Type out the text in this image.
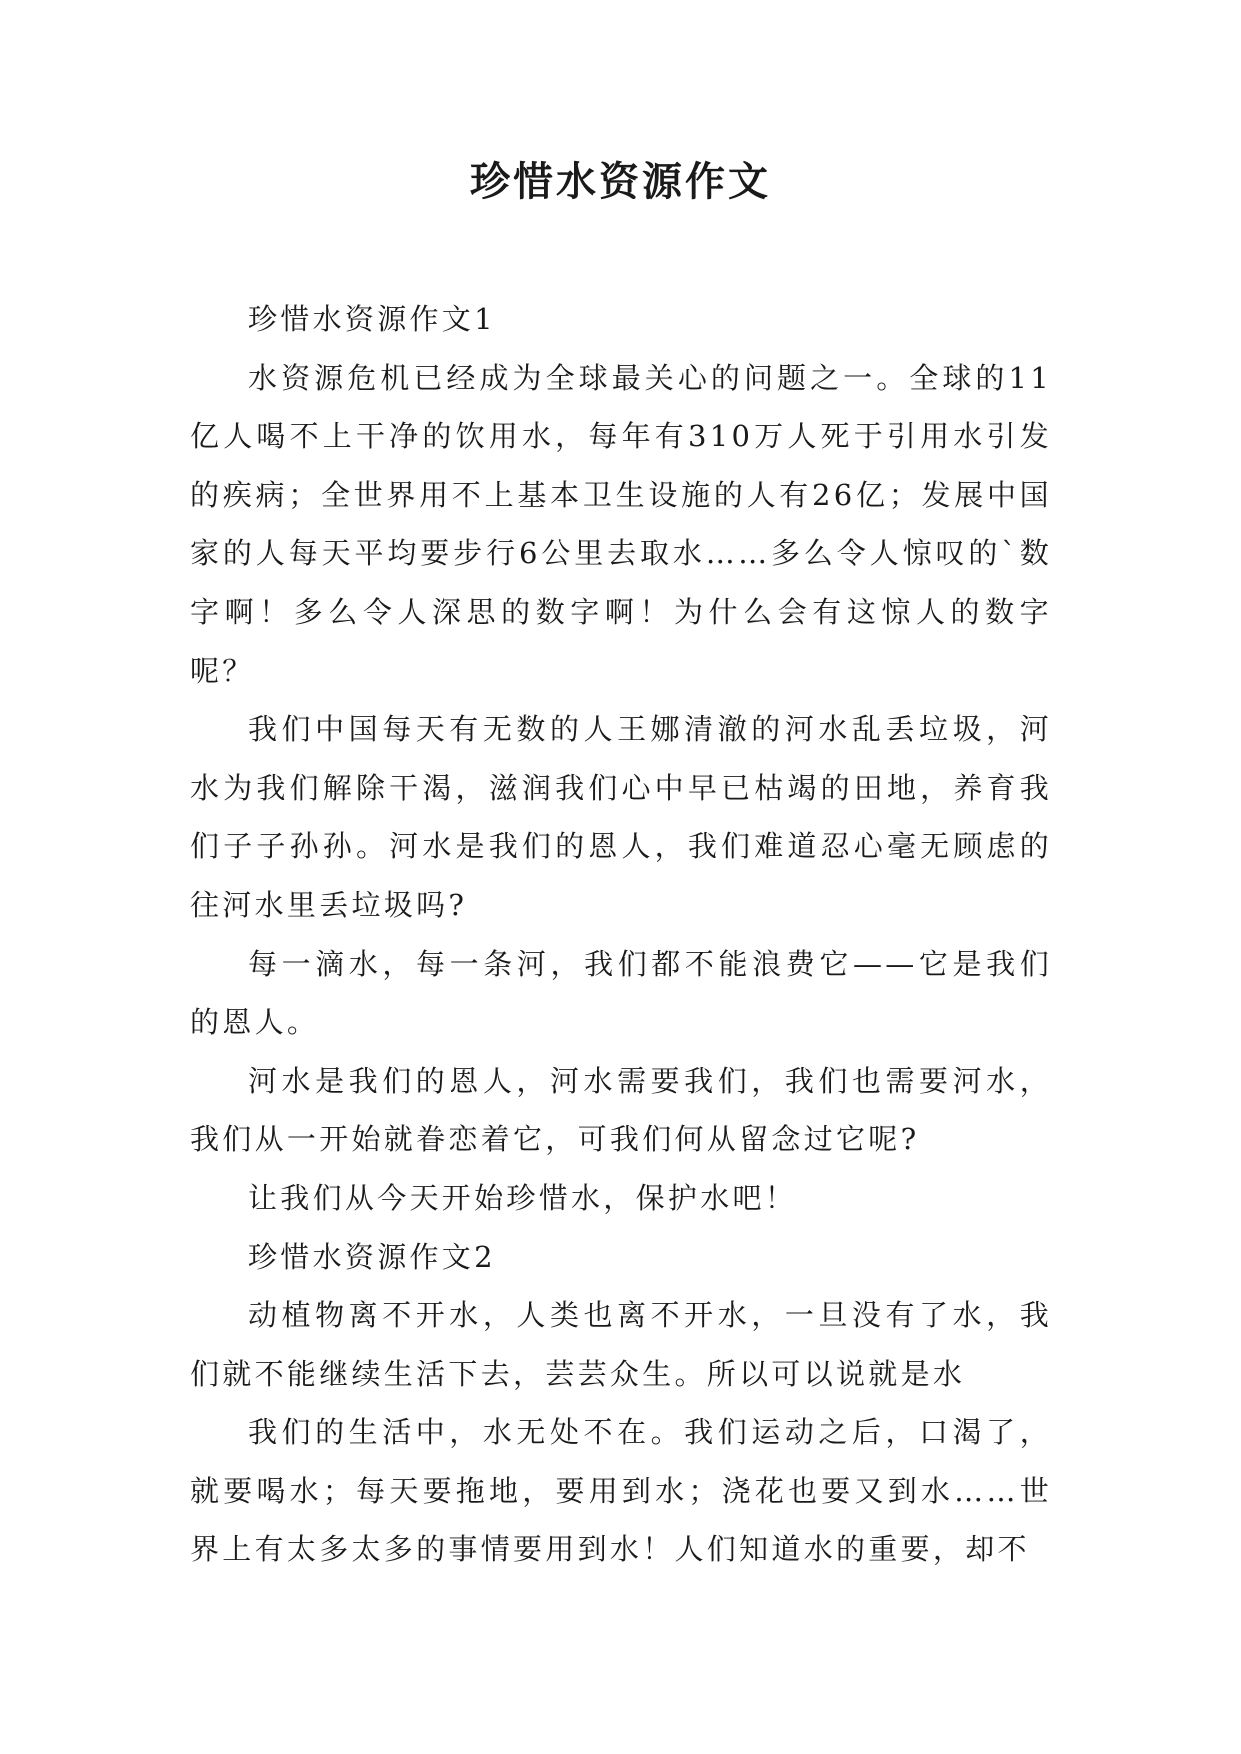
珍惜水资源作文

珍惜水资源作文1

水资源危机已经成为全球最关心的问题之一。全球的11亿人喝不上干净的饮用水，每年有310万人死于引用水引发的疾病；全世界用不上基本卫生设施的人有26亿；发展中国家的人每天平均要步行6公里去取水……多么令人惊叹的`数字啊！多么令人深思的数字啊！为什么会有这惊人的数字呢？

我们中国每天有无数的人王娜清澈的河水乱丢垃圾，河水为我们解除干渴，滋润我们心中早已枯竭的田地，养育我们子子孙孙。河水是我们的恩人，我们难道忍心毫无顾虑的往河水里丢垃圾吗?

每一滴水，每一条河，我们都不能浪费它——它是我们的恩人。

河水是我们的恩人，河水需要我们，我们也需要河水，我们从一开始就眷恋着它，可我们何从留念过它呢?

让我们从今天开始珍惜水，保护水吧！

珍惜水资源作文2

动植物离不开水，人类也离不开水，一旦没有了水，我们就不能继续生活下去，芸芸众生。所以可以说就是水

我们的生活中，水无处不在。我们运动之后，口渴了，就要喝水；每天要拖地，要用到水；浇花也要又到水……世界上有太多太多的事情要用到水！人们知道水的重要，却不
